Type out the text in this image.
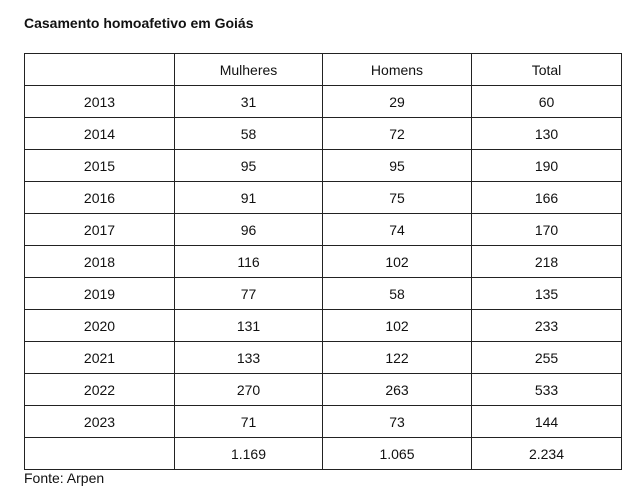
Casamento homoafetivo em Goiás
	Mulheres	Homens	Total
2013	31	29	60
2014	58	72	130
2015	95	95	190
2016	91	75	166
2017	96	74	170
2018	116	102	218
2019	77	58	135
2020	131	102	233
2021	133	122	255
2022	270	263	533
2023	71	73	144
	1.169	1.065	2.234
Fonte: Arpen
